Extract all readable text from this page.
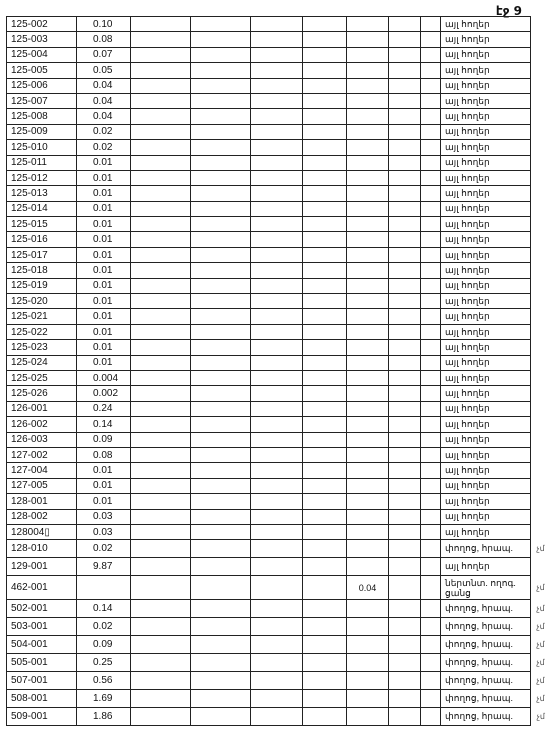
էջ 9
125-002	0.10								այլ հողեր	
125-003	0.08								այլ հողեր	
125-004	0.07								այլ հողեր	
125-005	0.05								այլ հողեր	
125-006	0.04								այլ հողեր	
125-007	0.04								այլ հողեր	
125-008	0.04								այլ հողեր	
125-009	0.02								այլ հողեր	
125-010	0.02								այլ հողեր	
125-011	0.01								այլ հողեր	
125-012	0.01								այլ հողեր	
125-013	0.01								այլ հողեր	
125-014	0.01								այլ հողեր	
125-015	0.01								այլ հողեր	
125-016	0.01								այլ հողեր	
125-017	0.01								այլ հողեր	
125-018	0.01								այլ հողեր	
125-019	0.01								այլ հողեր	
125-020	0.01								այլ հողեր	
125-021	0.01								այլ հողեր	
125-022	0.01								այլ հողեր	
125-023	0.01								այլ հողեր	
125-024	0.01								այլ հողեր	
125-025	0.004								այլ հողեր	
125-026	0.002								այլ հողեր	
126-001	0.24								այլ հողեր	
126-002	0.14								այլ հողեր	
126-003	0.09								այլ հողեր	
127-002	0.08								այլ հողեր	
127-004	0.01								այլ հողեր	
127-005	0.01								այլ հողեր	
128-001	0.01								այլ հողեր	
128-002	0.03								այլ հողեր	
128004▯	0.03								այլ հողեր	
128-010	0.02								փողոց, հրապ.	չմ
129-001	9.87								այլ հողեր	
462-001						0.04			ներտնտ. ողոգ. ցանց	չմ
502-001	0.14								փողոց, հրապ.	չմ
503-001	0.02								փողոց, հրապ.	չմ
504-001	0.09								փողոց, հրապ.	չմ
505-001	0.25								փողոց, հրապ.	չմ
507-001	0.56								փողոց, հրապ.	չմ
508-001	1.69								փողոց, հրապ.	չմ
509-001	1.86								փողոց, հրապ.	չմ
